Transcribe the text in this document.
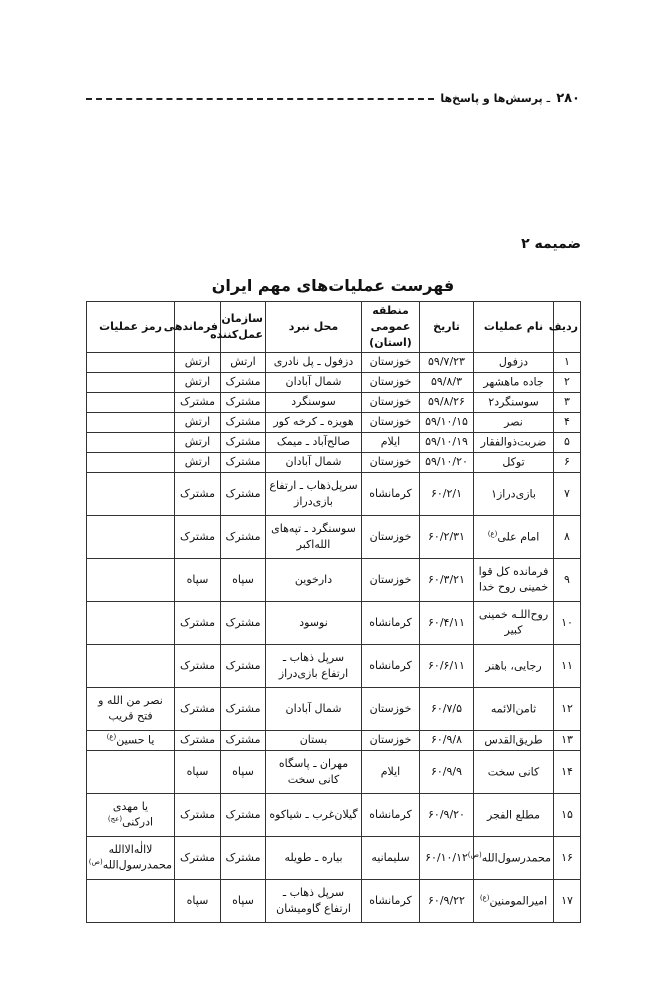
۲۸۰
ـ
پرسش‌ها و پاسخ‌ها
ضمیمه ۲
فهرست عملیات‌های مهم ایران
ردیف	نام عملیات	تاریخ	منطقه عمومی (استان)	محل نبرد	سازمان عمل‌کننده	فرماندهی	رمز عملیات
۱	دزفول	۵۹/۷/۲۳	خوزستان	دزفول ـ پل نادری	ارتش	ارتش	
۲	جاده ماهشهر	۵۹/۸/۳	خوزستان	شمال آبادان	مشترک	ارتش	
۳	سوسنگرد۲	۵۹/۸/۲۶	خوزستان	سوسنگرد	مشترک	مشترک	
۴	نصر	۵۹/۱۰/۱۵	خوزستان	هویزه ـ کرخه کور	مشترک	ارتش	
۵	ضربت‌ذوالفقار	۵۹/۱۰/۱۹	ایلام	صالح‌آباد ـ میمک	مشترک	ارتش	
۶	توکل	۵۹/۱۰/۲۰	خوزستان	شمال آبادان	مشترک	ارتش	
۷	بازی‌دراز۱	۶۰/۲/۱	کرمانشاه	سرپل‌ذهاب ـ ارتفاع بازی‌دراز	مشترک	مشترک	
۸	امام علی$^{(ع)}$	۶۰/۲/۳۱	خوزستان	سوسنگرد ـ تپه‌های الله‌اکبر	مشترک	مشترک	
۹	فرمانده کل قوا خمینی روح خدا	۶۰/۳/۲۱	خوزستان	دارخوین	سپاه	سپاه	
۱۰	روح‌اللـه خمینی کبیر	۶۰/۴/۱۱	کرمانشاه	نوسود	مشترک	مشترک	
۱۱	رجایی، باهنر	۶۰/۶/۱۱	کرمانشاه	سرپل ذهاب ـ ارتفاع بازی‌دراز	مشترک	مشترک	
۱۲	ثامن‌الائمه	۶۰/۷/۵	خوزستان	شمال آبادان	مشترک	مشترک	نصر من الله و فتح قریب
۱۳	طریق‌القدس	۶۰/۹/۸	خوزستان	بستان	مشترک	مشترک	یا حسین$^{(ع)}$
۱۴	کانی سخت	۶۰/۹/۹	ایلام	مهران ـ پاسگاه کانی سخت	سپاه	سپاه	
۱۵	مطلع الفجر	۶۰/۹/۲۰	کرمانشاه	گیلان‌غرب ـ شیاکوه	مشترک	مشترک	یا مهدی ادرکنی$^{(عج)}$
۱۶	محمدرسول‌الله$^{(ص)}$	۶۰/۱۰/۱۲	سلیمانیه	بیاره ـ طویله	مشترک	مشترک	لاالٰه‌الاالله محمدرسول‌الله$^{(ص)}$
۱۷	امیرالمومنین$^{(ع)}$	۶۰/۹/۲۲	کرمانشاه	سرپل ذهاب ـ ارتفاع گاومیشان	سپاه	سپاه	
